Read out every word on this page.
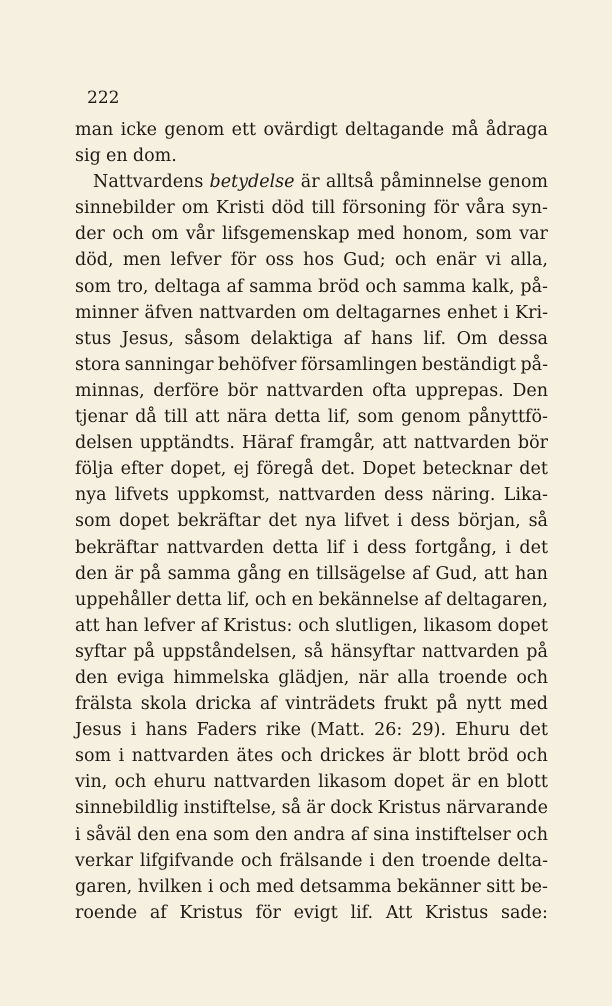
222
man icke genom ett ovärdigt deltagande må ådraga
sig en dom.
Nattvardens betydelse är alltså påminnelse genom
sinnebilder om Kristi död till försoning för våra syn-
der och om vår lifsgemenskap med honom, som var
död, men lefver för oss hos Gud; och enär vi alla,
som tro, deltaga af samma bröd och samma kalk, på-
minner äfven nattvarden om deltagarnes enhet i Kri-
stus Jesus, såsom delaktiga af hans lif. Om dessa
stora sanningar behöfver församlingen beständigt på-
minnas, derföre bör nattvarden ofta upprepas. Den
tjenar då till att nära detta lif, som genom pånyttfö-
delsen upptändts. Häraf framgår, att nattvarden bör
följa efter dopet, ej föregå det. Dopet betecknar det
nya lifvets uppkomst, nattvarden dess näring. Lika-
som dopet bekräftar det nya lifvet i dess början, så
bekräftar nattvarden detta lif i dess fortgång, i det
den är på samma gång en tillsägelse af Gud, att han
uppehåller detta lif, och en bekännelse af deltagaren,
att han lefver af Kristus: och slutligen, likasom dopet
syftar på uppståndelsen, så hänsyftar nattvarden på
den eviga himmelska glädjen, när alla troende och
frälsta skola dricka af vinträdets frukt på nytt med
Jesus i hans Faders rike (Matt. 26: 29). Ehuru det
som i nattvarden ätes och drickes är blott bröd och
vin, och ehuru nattvarden likasom dopet är en blott
sinnebildlig instiftelse, så är dock Kristus närvarande
i såväl den ena som den andra af sina instiftelser och
verkar lifgifvande och frälsande i den troende delta-
garen, hvilken i och med detsamma bekänner sitt be-
roende af Kristus för evigt lif. Att Kristus sade:
